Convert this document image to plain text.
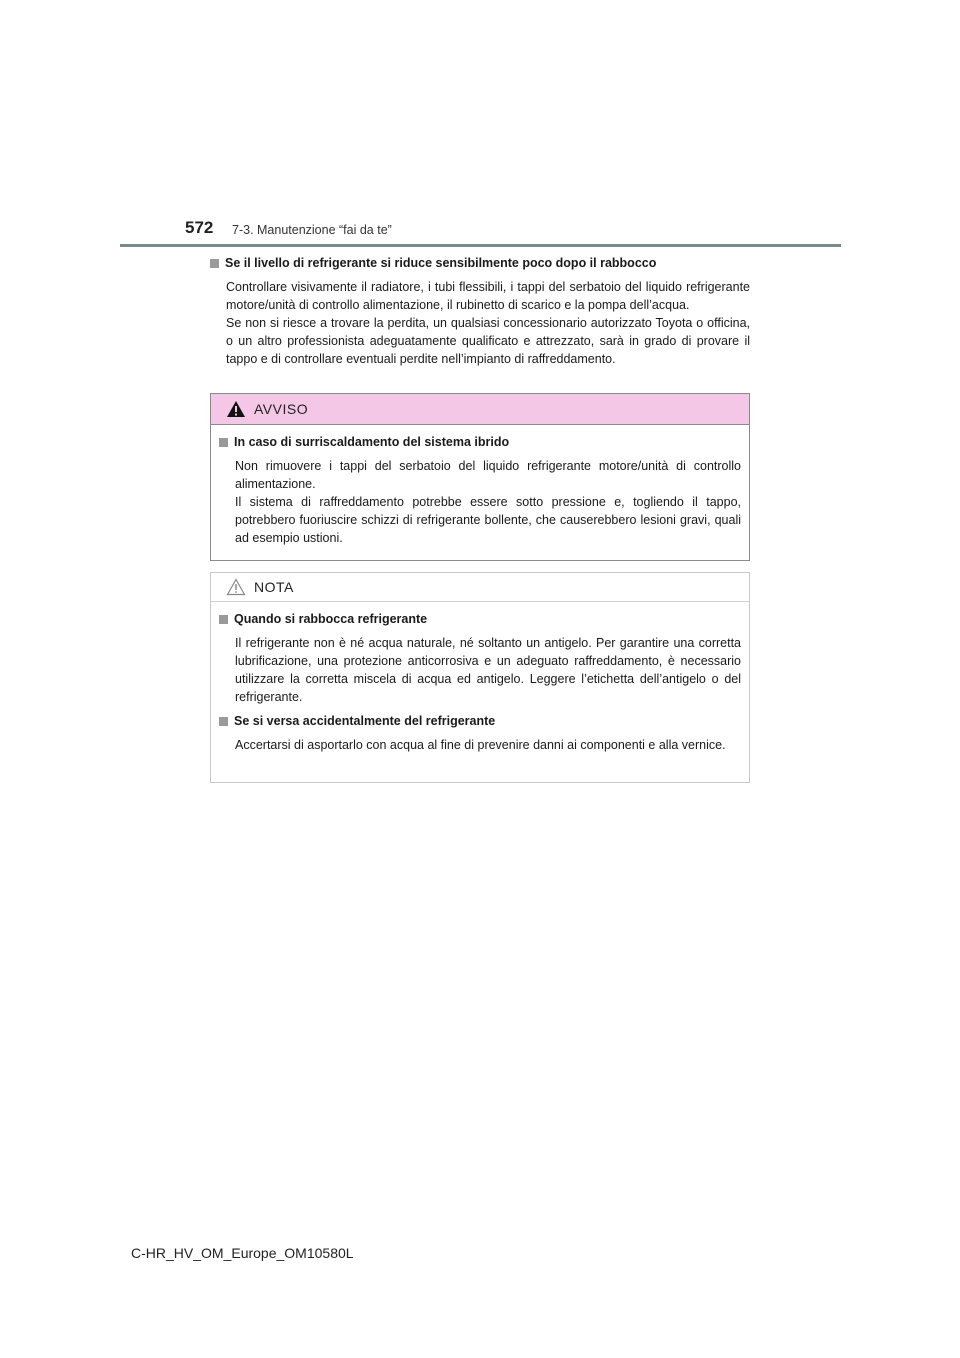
572 7-3. Manutenzione “fai da te”
Se il livello di refrigerante si riduce sensibilmente poco dopo il rabbocco

Controllare visivamente il radiatore, i tubi flessibili, i tappi del serbatoio del liquido refrigerante motore/unità di controllo alimentazione, il rubinetto di scarico e la pompa dell’acqua.

Se non si riesce a trovare la perdita, un qualsiasi concessionario autorizzato Toyota o officina, o un altro professionista adeguatamente qualificato e attrezzato, sarà in grado di provare il tappo e di controllare eventuali perdite nell’impianto di raffreddamento.

AVVISO
In caso di surriscaldamento del sistema ibrido

Non rimuovere i tappi del serbatoio del liquido refrigerante motore/unità di controllo alimentazione.

Il sistema di raffreddamento potrebbe essere sotto pressione e, togliendo il tappo, potrebbero fuoriuscire schizzi di refrigerante bollente, che causerebbero lesioni gravi, quali ad esempio ustioni.

NOTA
Quando si rabbocca refrigerante

Il refrigerante non è né acqua naturale, né soltanto un antigelo. Per garantire una corretta lubrificazione, una protezione anticorrosiva e un adeguato raffreddamento, è necessario utilizzare la corretta miscela di acqua ed antigelo. Leggere l’etichetta dell’antigelo o del refrigerante.

Se si versa accidentalmente del refrigerante

Accertarsi di asportarlo con acqua al fine di prevenire danni ai componenti e alla vernice.

C-HR_HV_OM_Europe_OM10580L
